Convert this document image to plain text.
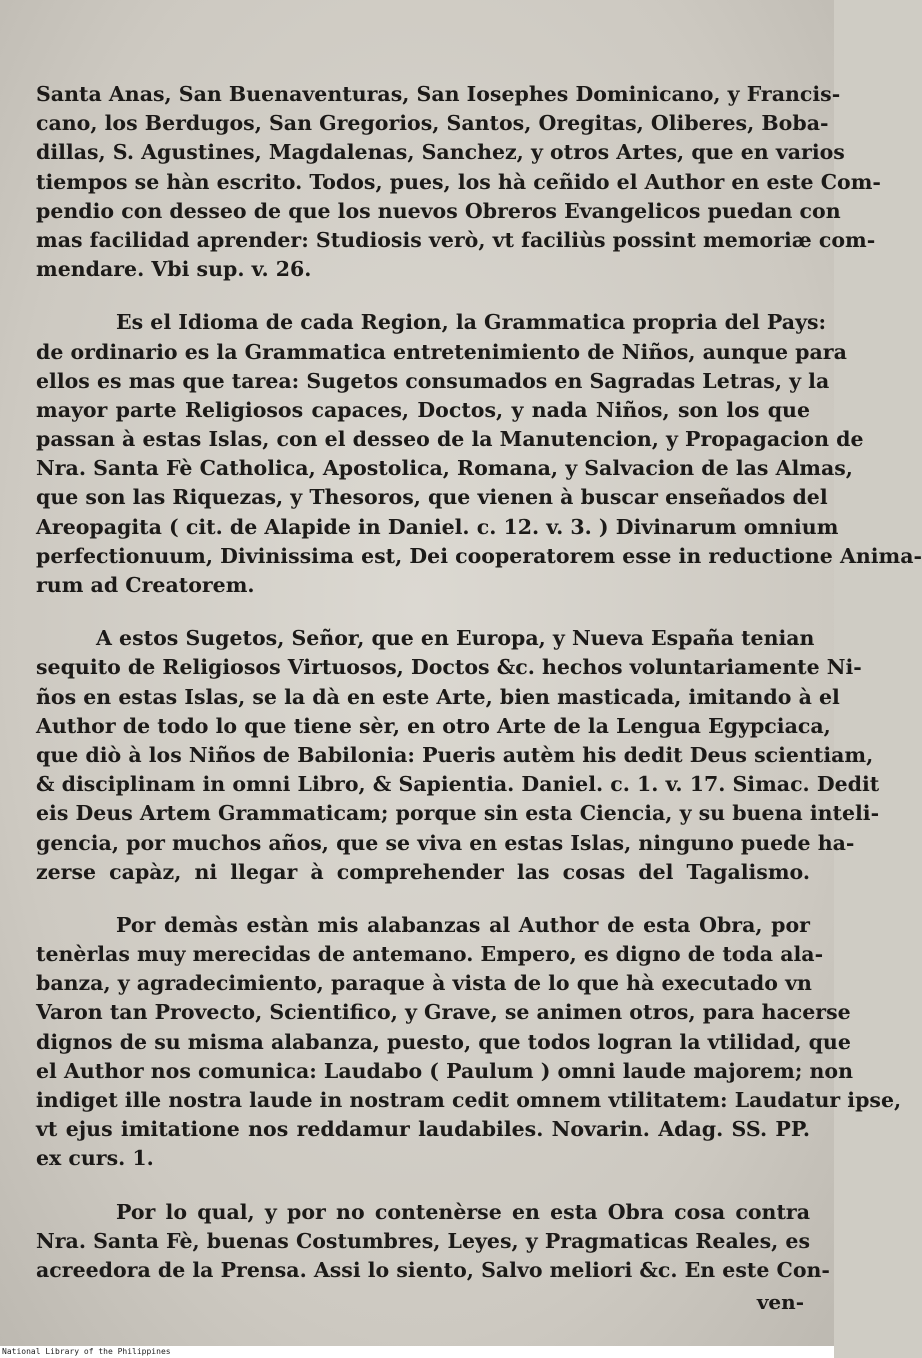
Santa Anas, San Buenaventuras, San Iosephes Dominicano, y Francis-
cano, los Berdugos, San Gregorios, Santos, Oregitas, Oliberes, Boba-
dillas, S. Agustines, Magdalenas, Sanchez, y otros Artes, que en varios
tiempos se hàn escrito. Todos, pues, los hà ceñido el Author en este Com-
pendio con desseo de que los nuevos Obreros Evangelicos puedan con
mas facilidad aprender: Studiosis verò, vt faciliùs possint memoriæ com-
mendare. Vbi sup. v. 26.
Es el Idioma de cada Region, la Grammatica propria del Pays:
de ordinario es la Grammatica entretenimiento de Niños, aunque para
ellos es mas que tarea: Sugetos consumados en Sagradas Letras, y la
mayor parte Religiosos capaces, Doctos, y nada Niños, son los que
passan à estas Islas, con el desseo de la Manutencion, y Propagacion de
Nra. Santa Fè Catholica, Apostolica, Romana, y Salvacion de las Almas,
que son las Riquezas, y Thesoros, que vienen à buscar enseñados del
Areopagita ( cit. de Alapide in Daniel. c. 12. v. 3. ) Divinarum omnium
perfectionuum, Divinissima est, Dei cooperatorem esse in reductione Anima-
rum ad Creatorem.
A estos Sugetos, Señor, que en Europa, y Nueva España tenian
sequito de Religiosos Virtuosos, Doctos &c. hechos voluntariamente Ni-
ños en estas Islas, se la dà en este Arte, bien masticada, imitando à el
Author de todo lo que tiene sèr, en otro Arte de la Lengua Egypciaca,
que diò à los Niños de Babilonia: Pueris autèm his dedit Deus scientiam,
& disciplinam in omni Libro, & Sapientia. Daniel. c. 1. v. 17. Simac. Dedit
eis Deus Artem Grammaticam; porque sin esta Ciencia, y su buena inteli-
gencia, por muchos años, que se viva en estas Islas, ninguno puede ha-
zerse capàz, ni llegar à comprehender las cosas del Tagalismo.
Por demàs estàn mis alabanzas al Author de esta Obra, por
tenèrlas muy merecidas de antemano. Empero, es digno de toda ala-
banza, y agradecimiento, paraque à vista de lo que hà executado vn
Varon tan Provecto, Scientifico, y Grave, se animen otros, para hacerse
dignos de su misma alabanza, puesto, que todos logran la vtilidad, que
el Author nos comunica: Laudabo ( Paulum ) omni laude majorem; non
indiget ille nostra laude in nostram cedit omnem vtilitatem: Laudatur ipse,
vt ejus imitatione nos reddamur laudabiles. Novarin. Adag. SS. PP.
ex curs. 1.
Por lo qual, y por no contenèrse en esta Obra cosa contra
Nra. Santa Fè, buenas Costumbres, Leyes, y Pragmaticas Reales, es
acreedora de la Prensa. Assi lo siento, Salvo meliori &c. En este Con-
ven-
National Library of the Philippines
